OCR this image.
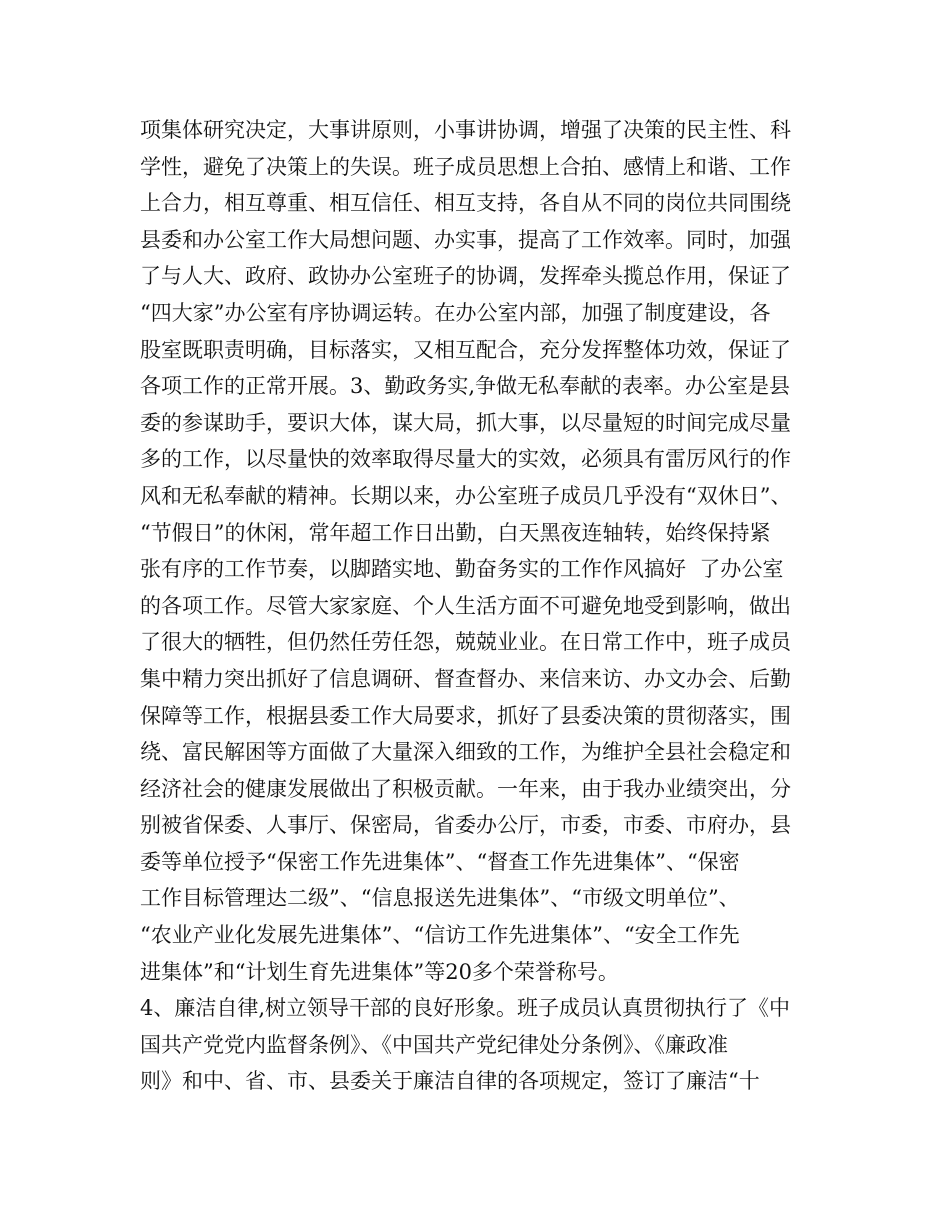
项集体研究决定，大事讲原则，小事讲协调，增强了决策的民主性、科
学性，避免了决策上的失误。班子成员思想上合拍、感情上和谐、工作
上合力，相互尊重、相互信任、相互支持，各自从不同的岗位共同围绕
县委和办公室工作大局想问题、办实事，提高了工作效率。同时，加强
了与人大、政府、政协办公室班子的协调，发挥牵头揽总作用，保证了
“四大家”办公室有序协调运转。在办公室内部，加强了制度建设，各
股室既职责明确，目标落实，又相互配合，充分发挥整体功效，保证了
各项工作的正常开展。3、勤政务实,争做无私奉献的表率。办公室是县
委的参谋助手，要识大体，谋大局，抓大事，以尽量短的时间完成尽量
多的工作，以尽量快的效率取得尽量大的实效，必须具有雷厉风行的作
风和无私奉献的精神。长期以来，办公室班子成员几乎没有“双休日”、
“节假日”的休闲，常年超工作日出勤，白天黑夜连轴转，始终保持紧
张有序的工作节奏，以脚踏实地、勤奋务实的工作作风搞好  了办公室
的各项工作。尽管大家家庭、个人生活方面不可避免地受到影响，做出
了很大的牺牲，但仍然任劳任怨，兢兢业业。在日常工作中，班子成员
集中精力突出抓好了信息调研、督查督办、来信来访、办文办会、后勤
保障等工作，根据县委工作大局要求，抓好了县委决策的贯彻落实，围
绕、富民解困等方面做了大量深入细致的工作，为维护全县社会稳定和
经济社会的健康发展做出了积极贡献。一年来，由于我办业绩突出，分
别被省保委、人事厅、保密局，省委办公厅，市委，市委、市府办，县
委等单位授予“保密工作先进集体”、“督查工作先进集体”、“保密
工作目标管理达二级”、“信息报送先进集体”、“市级文明单位”、
“农业产业化发展先进集体”、“信访工作先进集体”、“安全工作先
进集体”和“计划生育先进集体”等20多个荣誉称号。
4、廉洁自律,树立领导干部的良好形象。班子成员认真贯彻执行了《中
国共产党党内监督条例》、《中国共产党纪律处分条例》、《廉政准
则》和中、省、市、县委关于廉洁自律的各项规定，签订了廉洁“十
